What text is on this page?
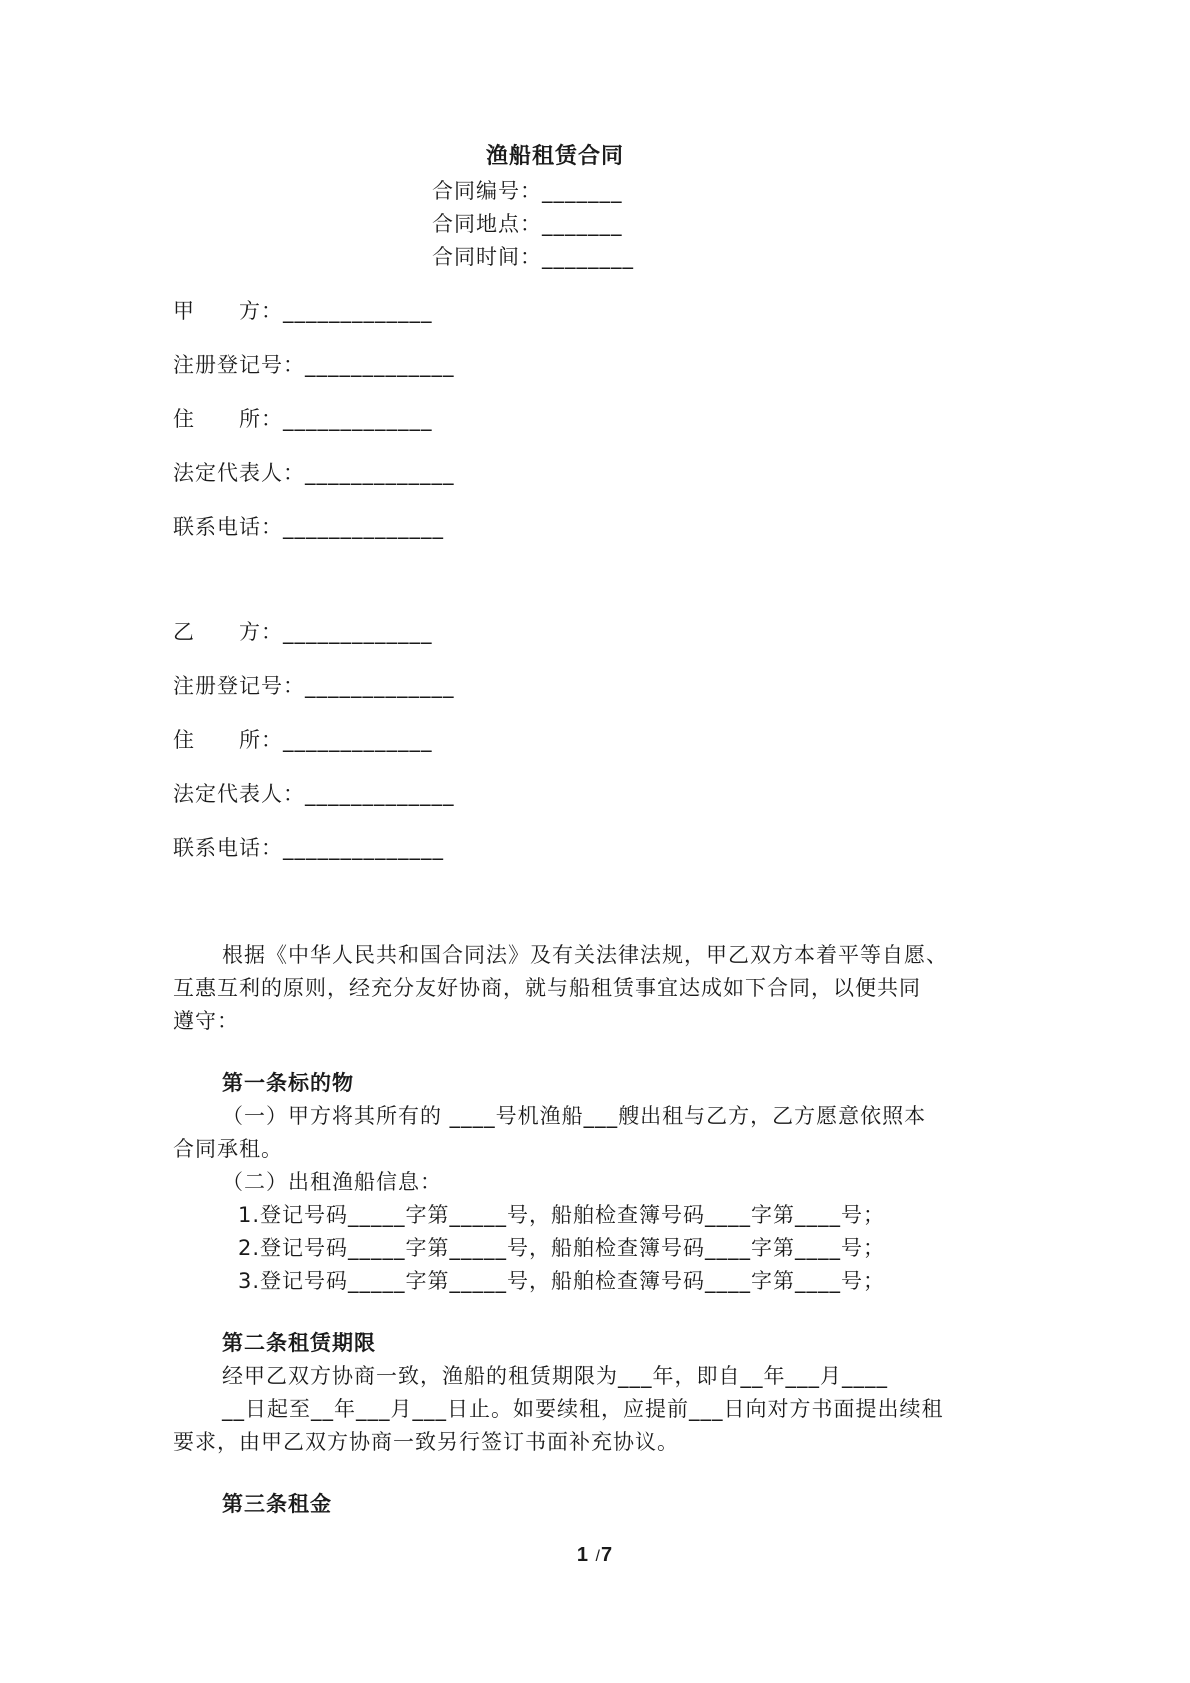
渔船租赁合同
合同编号：_______
合同地点：_______
合同时间：________
甲　　方：_____________
注册登记号：_____________
住　　所：_____________
法定代表人：_____________
联系电话：______________
乙　　方：_____________
注册登记号：_____________
住　　所：_____________
法定代表人：_____________
联系电话：______________
根据《中华人民共和国合同法》及有关法律法规，甲乙双方本着平等自愿、
互惠互利的原则，经充分友好协商，就与船租赁事宜达成如下合同，以便共同
遵守：
第一条标的物
（一）甲方将其所有的 ____号机渔船___艘出租与乙方，乙方愿意依照本
合同承租。
（二）出租渔船信息：
1.登记号码_____字第_____号，船舶检查簿号码____字第____号；
2.登记号码_____字第_____号，船舶检查簿号码____字第____号；
3.登记号码_____字第_____号，船舶检查簿号码____字第____号；
第二条租赁期限
经甲乙双方协商一致，渔船的租赁期限为___年，即自__年___月____
__日起至__年___月___日止。如要续租，应提前___日向对方书面提出续租
要求，由甲乙双方协商一致另行签订书面补充协议。
第三条租金
1 /7
